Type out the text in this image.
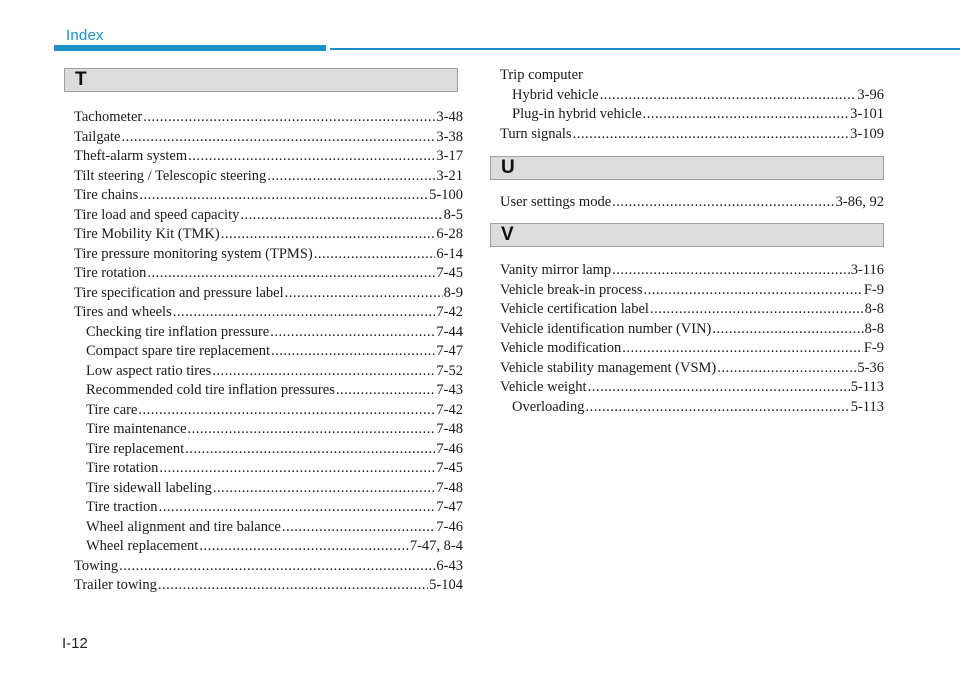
Index
T
Tachometer .....	3-48
Tailgate .....	3-38
Theft-alarm system .....	3-17
Tilt steering / Telescopic steering .....	3-21
Tire chains .....	5-100
Tire load and speed capacity .....	8-5
Tire Mobility Kit (TMK) .....	6-28
Tire pressure monitoring system (TPMS) .....	6-14
Tire rotation .....	7-45
Tire specification and pressure label .....	8-9
Tires and wheels .....	7-42
Checking tire inflation pressure .....	7-44
Compact spare tire replacement .....	7-47
Low aspect ratio tires .....	7-52
Recommended cold tire inflation pressures .....	7-43
Tire care .....	7-42
Tire maintenance .....	7-48
Tire replacement .....	7-46
Tire rotation .....	7-45
Tire sidewall labeling .....	7-48
Tire traction .....	7-47
Wheel alignment and tire balance .....	7-46
Wheel replacement .....	7-47, 8-4
Towing .....	6-43
Trailer towing .....	5-104
Trip computer
Hybrid vehicle .....	3-96
Plug-in hybrid vehicle .....	3-101
Turn signals .....	3-109
U
User settings mode .....	3-86, 92
V
Vanity mirror lamp .....	3-116
Vehicle break-in process .....	F-9
Vehicle certification label .....	8-8
Vehicle identification number (VIN) .....	8-8
Vehicle modification .....	F-9
Vehicle stability management (VSM) .....	5-36
Vehicle weight .....	5-113
Overloading .....	5-113
I-12
